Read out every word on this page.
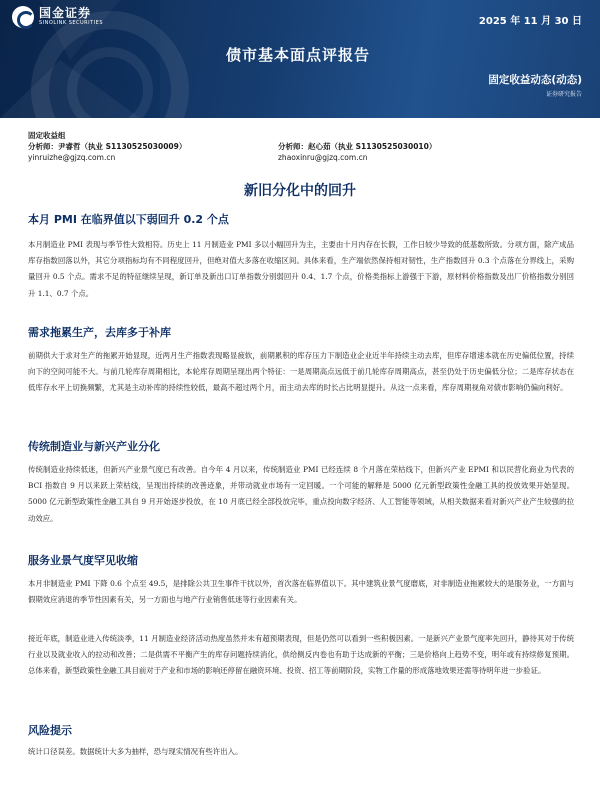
国金证券
SINOLINK SECURITIES	2025 年 11 月 30 日
债市基本面点评报告
固定收益动态(动态)
证券研究报告
固定收益组
分析师：尹睿哲（执业 S1130525030009）
yinruizhe@gjzq.com.cn
分析师：赵心茹（执业 S1130525030010）
zhaoxinru@gjzq.com.cn
新旧分化中的回升
本月 PMI 在临界值以下弱回升 0.2 个点
本月制造业 PMI 表现与季节性大致相符。历史上 11 月制造业 PMI 多以小幅回升为主，主要由十月内存在长假，工作日较少导致的低基数所致。分项方面，除产成品库存指数回落以外，其它分项指标均有不同程度回升，但绝对值大多落在收缩区间。具体来看，生产端依然保持相对韧性，生产指数回升 0.3 个点落在分界线上，采购量回升 0.5 个点。需求不足的特征继续呈现，新订单及新出口订单指数分别弱回升 0.4、1.7 个点，价格类指标上游强于下游，原材料价格指数及出厂价格指数分别回升 1.1、0.7 个点。
需求拖累生产，去库多于补库
前期供大于求对生产的拖累开始显现，近两月生产指数表现略显疲软，前期累积的库存压力下制造业企业近半年持续主动去库，但库存增速本就在历史偏低位置，持续向下的空间可能不大。与前几轮库存周期相比，本轮库存周期呈现出两个特征：一是周期高点远低于前几轮库存周期高点，甚至仍处于历史偏低分位；二是库存状态在低库存水平上切换频繁，尤其是主动补库的持续性较低，最高不超过两个月，而主动去库的时长占比明显提升。从这一点来看，库存周期视角对债市影响仍偏向利好。
传统制造业与新兴产业分化
传统制造业持续低迷，但新兴产业景气度已有改善。自今年 4 月以来，传统制造业 PMI 已经连续 8 个月落在荣枯线下，但新兴产业 EPMI 和以民营化商业为代表的 BCI 指数自 9 月以来跃上荣枯线，呈现出持续的改善迹象，并带动就业市场有一定回暖。一个可能的解释是 5000 亿元新型政策性金融工具的投放效果开始显现。5000 亿元新型政策性金融工具自 9 月开始逐步投放，在 10 月底已经全部投放完毕，重点投向数字经济、人工智能等领域，从相关数据来看对新兴产业产生较强的拉动效应。
服务业景气度罕见收缩
本月非制造业 PMI 下降 0.6 个点至 49.5，是排除公共卫生事件干扰以外，首次落在临界值以下。其中建筑业景气度磨底，对非制造业拖累较大的是服务业，一方面与假期效应消退的季节性因素有关，另一方面也与地产行业销售低迷等行业因素有关。
接近年底，制造业进入传统淡季，11 月制造业经济活动热度虽然并未有超预期表现，但是仍然可以看到一些积极因素。一是新兴产业景气度率先回升，静待其对于传统行业以及就业收入的拉动和改善；二是供需不平衡产生的库存问题持续消化，供给侧反内卷也有助于达成新的平衡；三是价格向上趋势不变，明年或有持续修复预期。总体来看，新型政策性金融工具目前对于产业和市场的影响还停留在融资环境、投资、招工等前期阶段，实物工作量的形成落地效果还需等待明年进一步验证。
风险提示
统计口径误差。数据统计大多为抽样，恐与现实情况有些许出入。
